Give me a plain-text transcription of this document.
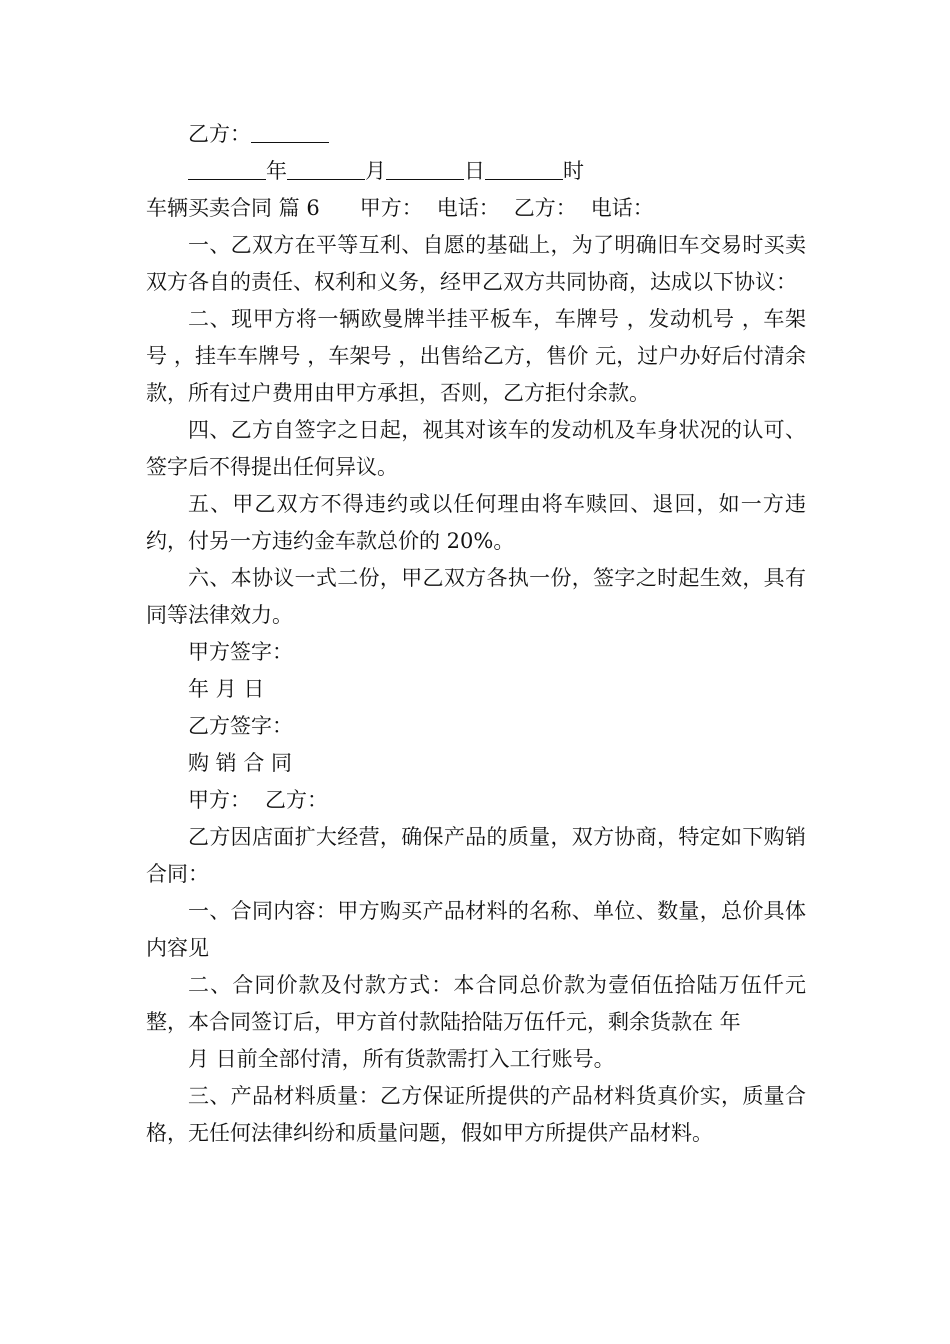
乙方：
年	月	日	时
车辆买卖合同 篇 6 甲方： 电话： 乙方： 电话：
一、乙双方在平等互利、自愿的基础上，为了明确旧车交易时买卖双方各自的责任、权利和义务，经甲乙双方共同协商，达成以下协议：
二、现甲方将一辆欧曼牌半挂平板车，车牌号 ，发动机号 ，车架号 ，挂车车牌号 ，车架号 ，出售给乙方，售价 元，过户办好后付清余款，所有过户费用由甲方承担，否则，乙方拒付余款。
四、乙方自签字之日起，视其对该车的发动机及车身状况的认可、签字后不得提出任何异议。
五、甲乙双方不得违约或以任何理由将车赎回、退回，如一方违约，付另一方违约金车款总价的 20%。
六、本协议一式二份，甲乙双方各执一份，签字之时起生效，具有同等法律效力。
甲方签字：
年 月 日
乙方签字：
购 销 合 同
甲方： 乙方：
乙方因店面扩大经营，确保产品的质量，双方协商，特定如下购销合同：
一、合同内容：甲方购买产品材料的名称、单位、数量，总价具体内容见
二、合同价款及付款方式：本合同总价款为壹佰伍拾陆万伍仟元整，本合同签订后，甲方首付款陆拾陆万伍仟元，剩余货款在 年
月 日前全部付清，所有货款需打入工行账号。
三、产品材料质量：乙方保证所提供的产品材料货真价实，质量合格，无任何法律纠纷和质量问题，假如甲方所提供产品材料。
